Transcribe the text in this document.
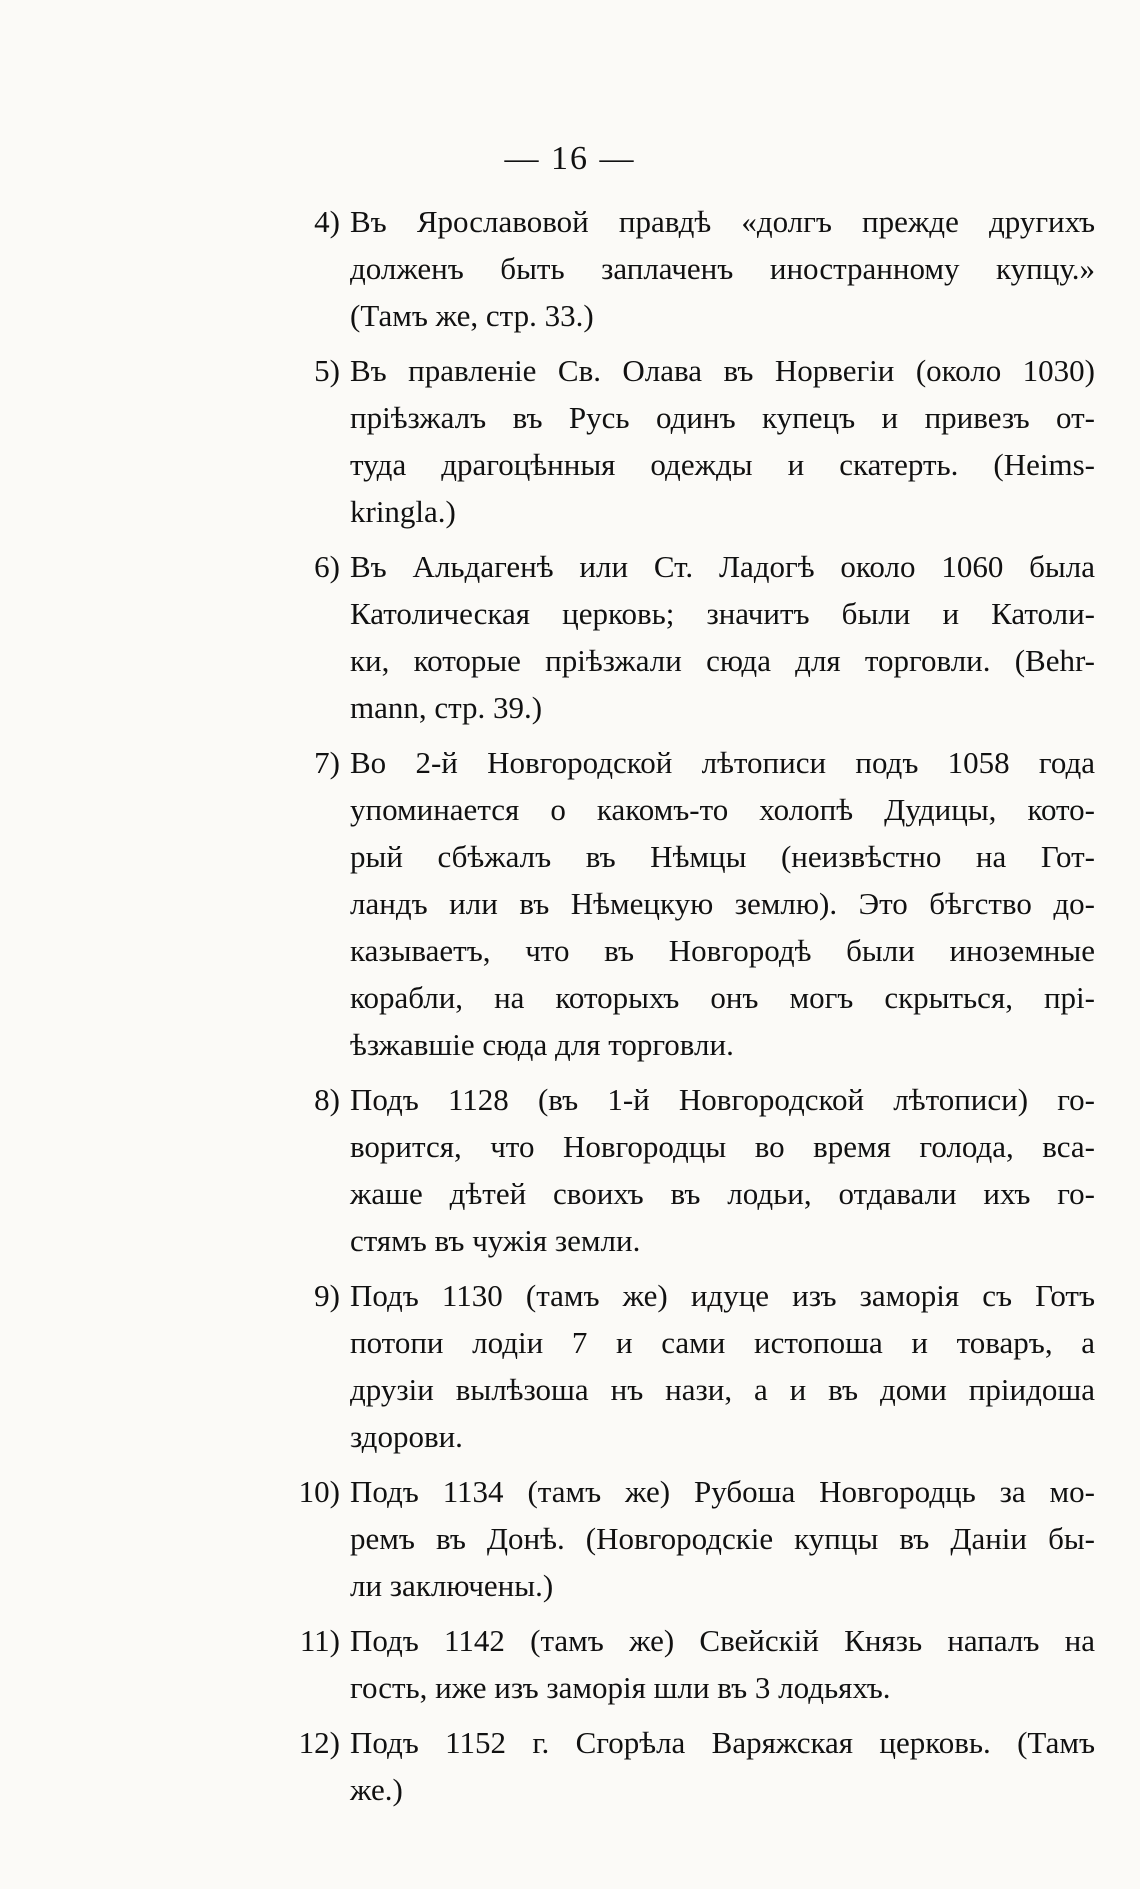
— 16 —
4) Въ Ярославовой правдѣ «долгъ прежде другихъ
долженъ быть заплаченъ иностранному купцу.»
(Тамъ же, стр. 33.)
5) Въ правленіе Св. Олава въ Норвегіи (около 1030)
пріѣзжалъ въ Русь одинъ купецъ и привезъ от-
туда драгоцѣнныя одежды и скатерть. (Heims-
kringla.)
6) Въ Альдагенѣ или Ст. Ладогѣ около 1060 была
Католическая церковь; значитъ были и Католи-
ки, которые пріѣзжали сюда для торговли. (Behr-
mann, стр. 39.)
7) Во 2-й Новгородской лѣтописи подъ 1058 года
упоминается о какомъ-то холопѣ Дудицы, кото-
рый сбѣжалъ въ Нѣмцы (неизвѣстно на Гот-
ландъ или въ Нѣмецкую землю). Это бѣгство до-
казываетъ, что въ Новгородѣ были иноземные
корабли, на которыхъ онъ могъ скрыться, прі-
ѣзжавшіе сюда для торговли.
8) Подъ 1128 (въ 1-й Новгородской лѣтописи) го-
ворится, что Новгородцы во время голода, вса-
жаше дѣтей своихъ въ лодьи, отдавали ихъ го-
стямъ въ чужія земли.
9) Подъ 1130 (тамъ же) идуце изъ заморія съ Готъ
потопи лодіи 7 и сами истопоша и товаръ, а
друзіи вылѣзоша нъ нази, а и въ доми пріидоша
здорови.
10) Подъ 1134 (тамъ же) Рубоша Новгородць за мо-
ремъ въ Донѣ. (Новгородскіе купцы въ Даніи бы-
ли заключены.)
11) Подъ 1142 (тамъ же) Свейскій Князь напалъ на
гость, иже изъ заморія шли въ 3 лодьяхъ.
12) Подъ 1152 г. Сгорѣла Варяжская церковь. (Тамъ
же.)
